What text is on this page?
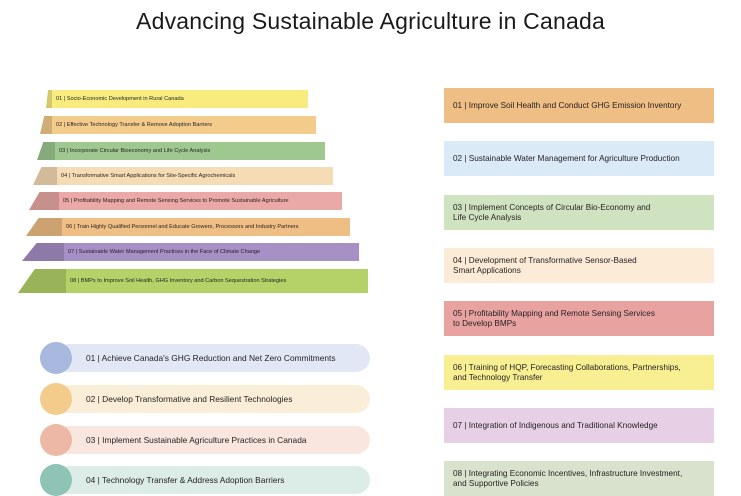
Advancing Sustainable Agriculture in Canada
01 | Socio-Economic Development in Rural Canada
02 | Effective Technology Transfer & Remove Adoption Barriers
03 | Incorporate Circular Bioeconomy and Life Cycle Analysis
04 | Transformative Smart Applications for Site-Specific Agrochemicals
05 | Profitability Mapping and Remote Sensing Services to Promote Sustainable Agriculture
06 | Train Highly Qualified Personnel and Educate Growers, Processors and Industry Partners
07 | Sustainable Water Management Practices in the Face of Climate Change
08 | BMPs to Improve Soil Health, GHG Inventory and Carbon Sequestration Strategies
01 | Achieve Canada's GHG Reduction and Net Zero Commitments
02 | Develop Transformative and Resilient Technologies
03 | Implement Sustainable Agriculture Practices in Canada
04 | Technology Transfer & Address Adoption Barriers
01 | Improve Soil Health and Conduct GHG Emission Inventory
02 | Sustainable Water Management for Agriculture Production
03 | Implement Concepts of Circular Bio-Economy and
Life Cycle Analysis
04 | Development of Transformative Sensor-Based
Smart Applications
05 | Profitability Mapping and Remote Sensing Services
to Develop BMPs
06 | Training of HQP, Forecasting Collaborations, Partnerships,
and Technology Transfer
07 | Integration of Indigenous and Traditional Knowledge
08 | Integrating Economic Incentives, Infrastructure Investment,
and Supportive Policies
